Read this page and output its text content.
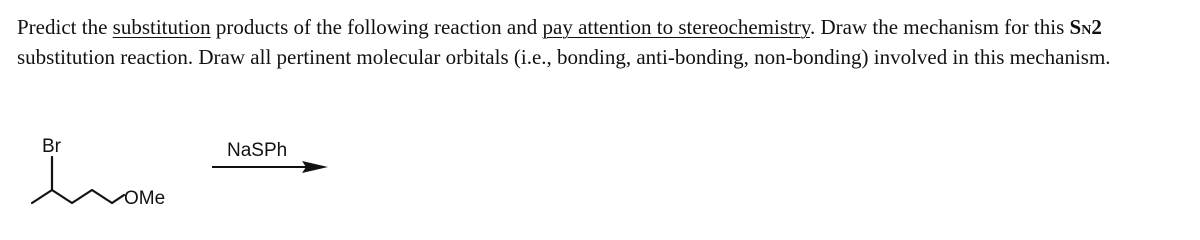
Predict the substitution products of the following reaction and pay attention to stereochemistry. Draw the mechanism for this SN2 substitution reaction. Draw all pertinent molecular orbitals (i.e., bonding, anti-bonding, non-bonding) involved in this mechanism.
Br
OMe
NaSPh
